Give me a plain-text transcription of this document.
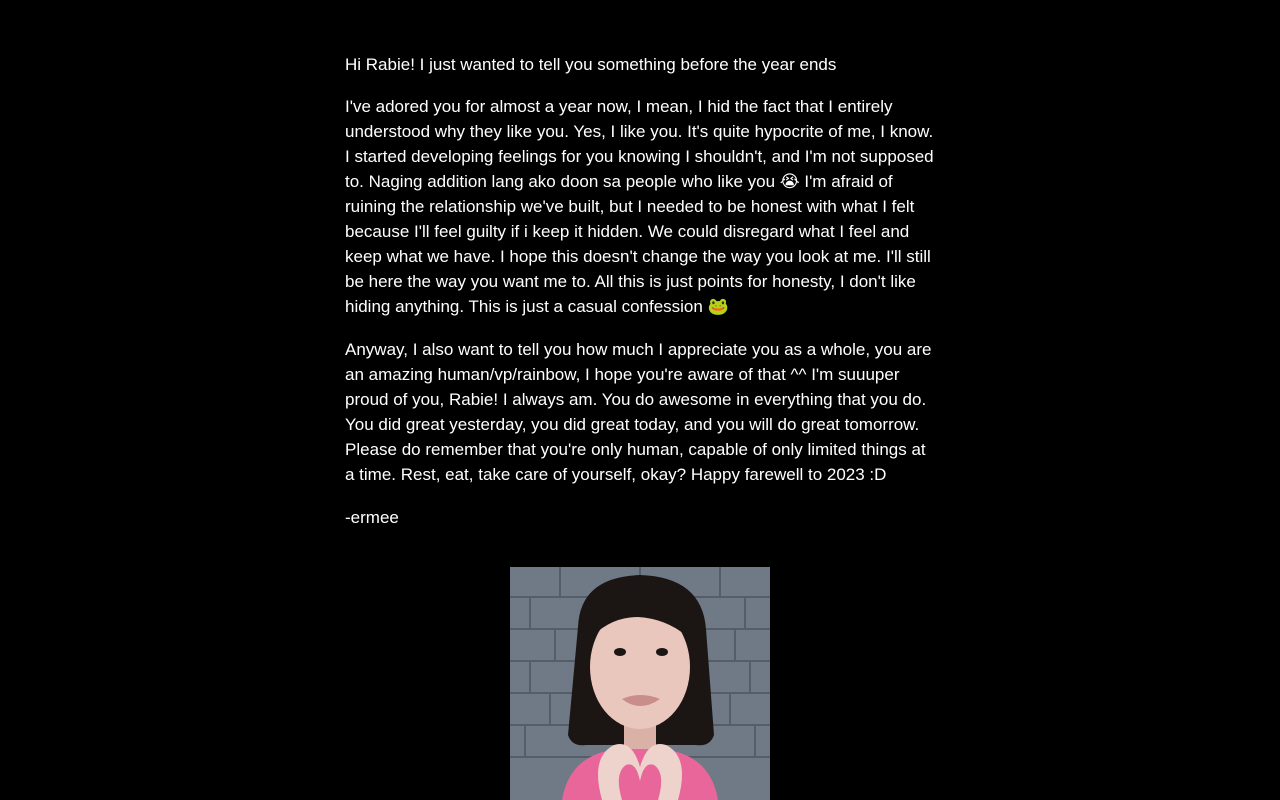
Hi Rabie! I just wanted to tell you something before the year ends

I've adored you for almost a year now, I mean, I hid the fact that I entirely understood why they like you. Yes, I like you. It's quite hypocrite of me, I know. I started developing feelings for you knowing I shouldn't, and I'm not supposed to. Naging addition lang ako doon sa people who like you 😭 I'm afraid of ruining the relationship we've built, but I needed to be honest with what I felt because I'll feel guilty if i keep it hidden. We could disregard what I feel and keep what we have. I hope this doesn't change the way you look at me. I'll still be here the way you want me to. All this is just points for honesty, I don't like hiding anything. This is just a casual confession 🐸

Anyway, I also want to tell you how much I appreciate you as a whole, you are an amazing human/vp/rainbow, I hope you're aware of that ^^ I'm suuuper proud of you, Rabie! I always am. You do awesome in everything that you do. You did great yesterday, you did great today, and you will do great tomorrow. Please do remember that you're only human, capable of only limited things at a time. Rest, eat, take care of yourself, okay? Happy farewell to 2023 :D

-ermee
